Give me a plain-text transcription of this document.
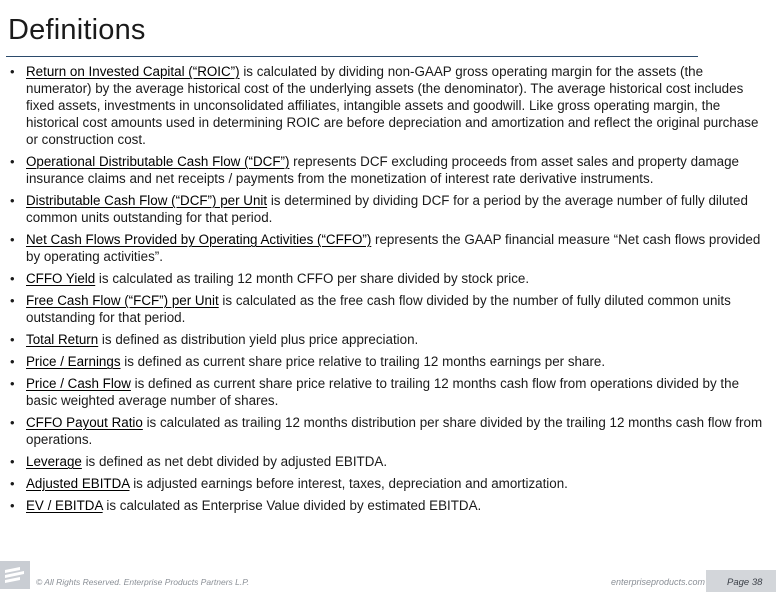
Definitions
• Return on Invested Capital (“ROIC”) is calculated by dividing non-GAAP gross operating margin for the assets (the numerator) by the average historical cost of the underlying assets (the denominator). The average historical cost includes fixed assets, investments in unconsolidated affiliates, intangible assets and goodwill. Like gross operating margin, the historical cost amounts used in determining ROIC are before depreciation and amortization and reflect the original purchase or construction cost.
• Operational Distributable Cash Flow (“DCF”) represents DCF excluding proceeds from asset sales and property damage insurance claims and net receipts / payments from the monetization of interest rate derivative instruments.
• Distributable Cash Flow (“DCF”) per Unit is determined by dividing DCF for a period by the average number of fully diluted common units outstanding for that period.
• Net Cash Flows Provided by Operating Activities (“CFFO”) represents the GAAP financial measure “Net cash flows provided by operating activities”.
• CFFO Yield is calculated as trailing 12 month CFFO per share divided by stock price.
• Free Cash Flow (“FCF”) per Unit is calculated as the free cash flow divided by the number of fully diluted common units outstanding for that period.
• Total Return is defined as distribution yield plus price appreciation.
• Price / Earnings is defined as current share price relative to trailing 12 months earnings per share.
• Price / Cash Flow is defined as current share price relative to trailing 12 months cash flow from operations divided by the basic weighted average number of shares.
• CFFO Payout Ratio is calculated as trailing 12 months distribution per share divided by the trailing 12 months cash flow from operations.
• Leverage is defined as net debt divided by adjusted EBITDA.
• Adjusted EBITDA is adjusted earnings before interest, taxes, depreciation and amortization.
• EV / EBITDA is calculated as Enterprise Value divided by estimated EBITDA.
© All Rights Reserved. Enterprise Products Partners L.P.	enterpriseproducts.com Page 38
